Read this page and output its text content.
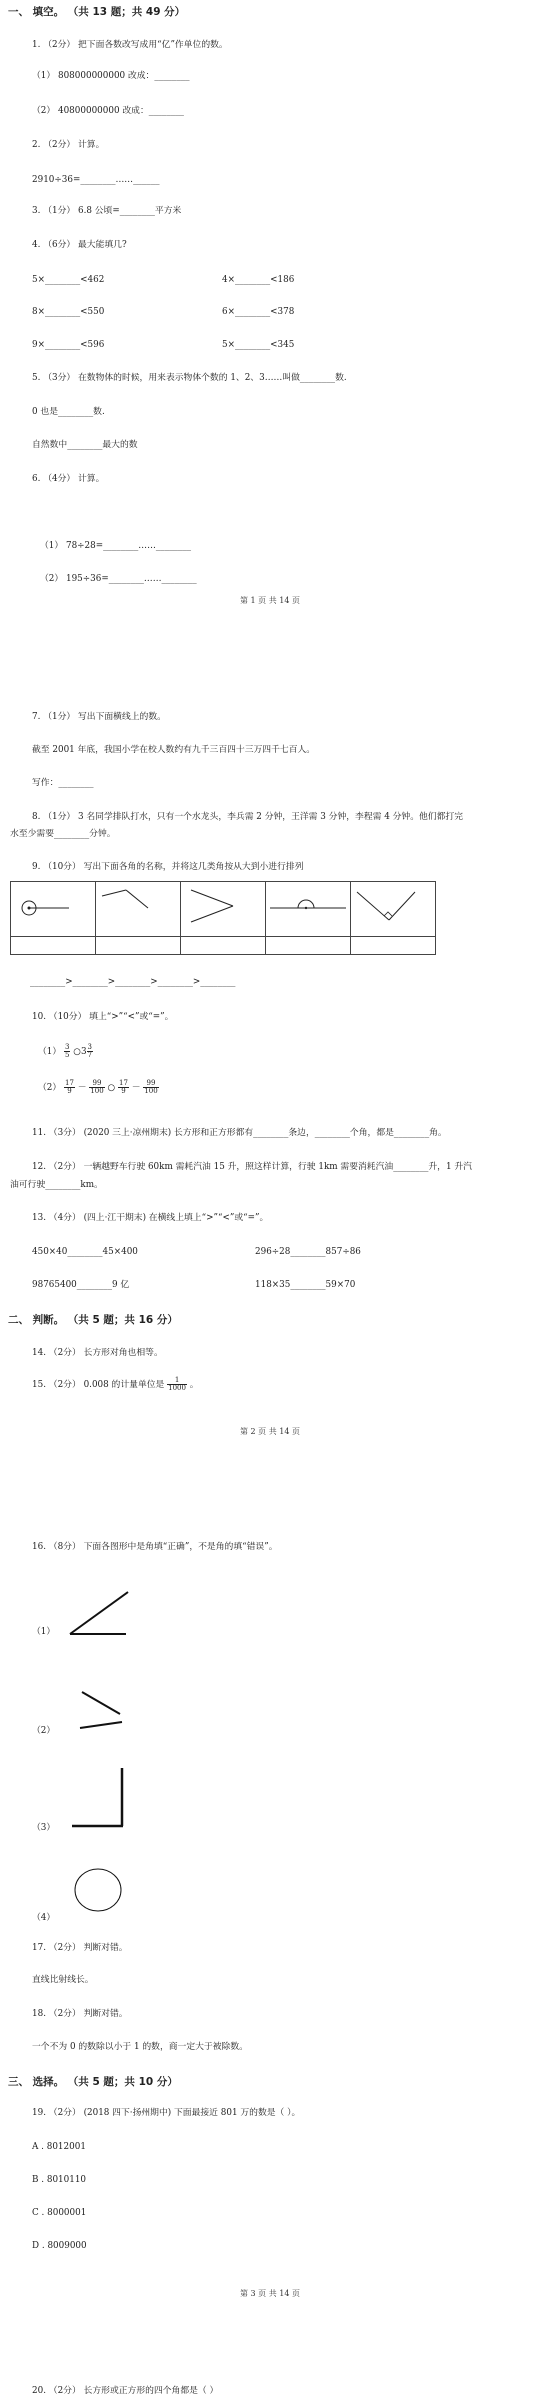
一、 填空。 （共 13 题；共 49 分）
1. （2分） 把下面各数改写成用“亿”作单位的数。
（1） 808000000000 改成：________
（2） 40800000000 改成：________
2. （2分） 计算。
2910÷36=________……______
3. （1分） 6.8 公顷=________平方米
4. （6分） 最大能填几?
5×________<462	4×________<186
8×________<550	6×________<378
9×________<596	5×________<345
5. （3分） 在数物体的时候，用来表示物体个数的 1、2、3……叫做________数.
0 也是________数.
自然数中________最大的数
6. （4分） 计算。
（1） 78÷28=________……________
（2） 195÷36=________……________
第 1 页 共 14 页
7. （1分） 写出下面横线上的数。
截至 2001 年底，我国小学在校人数约有九千三百四十三万四千七百人。
写作：________
8. （1分） 3 名同学排队打水，只有一个水龙头，李兵需 2 分钟，王洋需 3 分钟，李程需 4 分钟。他们都打完
水至少需要________分钟。
9. （10分） 写出下面各角的名称，并将这几类角按从大到小进行排列

________>________>________>________>________
10. （10分） 填上“>”“<”或“=”。
$(1) \frac{3}{5}$ ○3 $\frac{3}{7}$
$(2) \frac{17}{9} - \frac{99}{100}$ ○ $\frac{17}{9} - \frac{99}{100}$
11. （3分） (2020 三上·凉州期末) 长方形和正方形都有________条边，________个角，都是________角。
12. （2分） 一辆越野车行驶 60km 需耗汽油 15 升，照这样计算，行驶 1km 需要消耗汽油________升，1 升汽
油可行驶________km。
13. （4分） (四上·江干期末) 在横线上填上“>”“<”或“=”。
450×40________45×400	296÷28________857÷86
98765400________9 亿	118×35________59×70
二、 判断。 （共 5 题；共 16 分）
14. （2分） 长方形对角也相等。
15. （2分） 0.008 的计量单位是 $\frac{1}{1000}$ 。
第 2 页 共 14 页
16. （8分） 下面各图形中是角填“正确”，不是角的填“错误”。
（1）
（2）
（3）
（4）
17. （2分） 判断对错。
直线比射线长。
18. （2分） 判断对错。
一个不为 0 的数除以小于 1 的数，商一定大于被除数。
三、 选择。 （共 5 题；共 10 分）
19. （2分） (2018 四下·扬州期中) 下面最接近 801 万的数是（ ）。
A . 8012001
B . 8010110
C . 8000001
D . 8009000
第 3 页 共 14 页
20. （2分） 长方形或正方形的四个角都是（ ）
